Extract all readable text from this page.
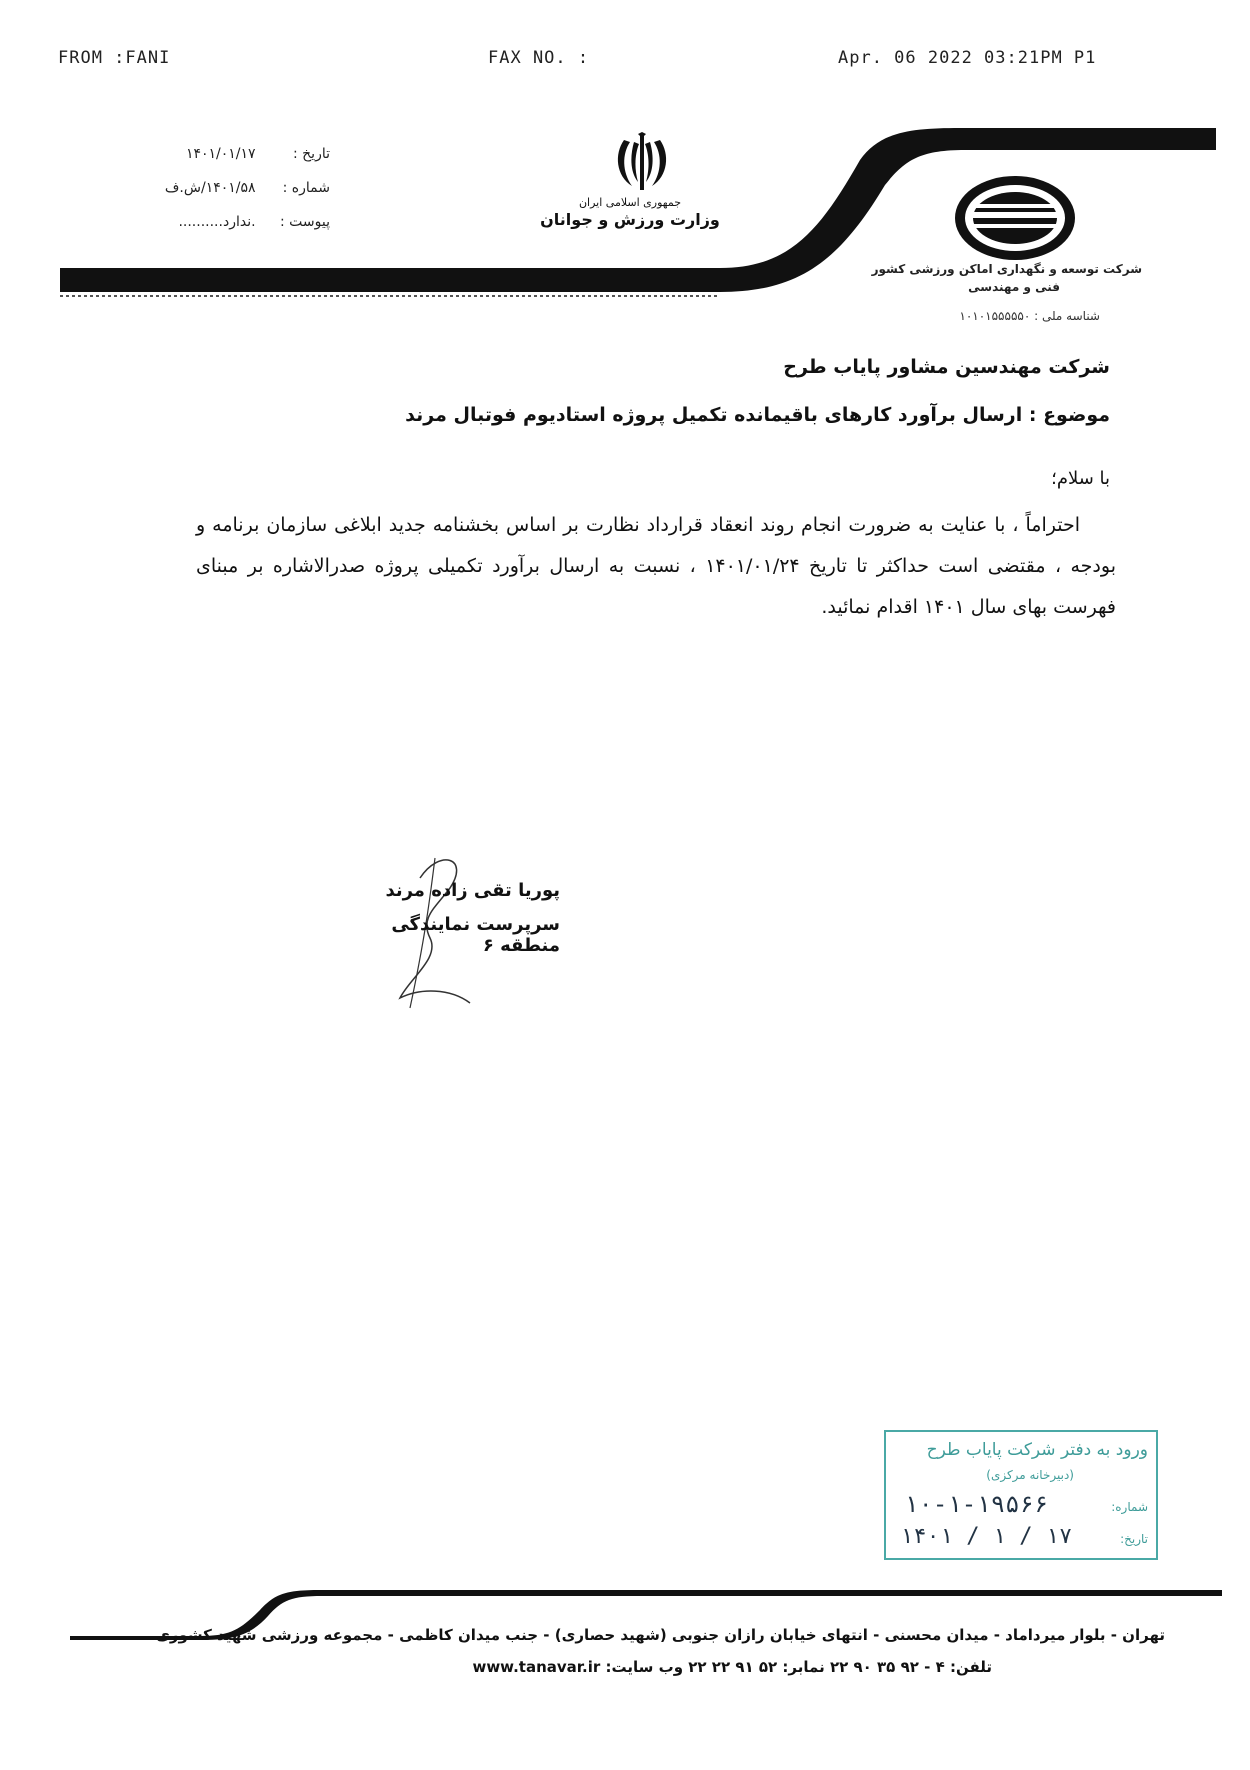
FROM :FANI	FAX NO. :	Apr. 06 2022 03:21PM P1
جمهوری اسلامی ایران
وزارت ورزش و جوانان
شرکت توسعه و نگهداری اماکن ورزشی کشور
فنی و مهندسی
شناسه ملی : ۱۰۱۰۱۵۵۵۵۵۰
تاریخ : ۱۴۰۱/۰۱/۱۷
شماره : ۱۴۰۱/۵۸/ش.ف
پیوست : .ندارد..........
شرکت مهندسین مشاور پایاب طرح
موضوع : ارسال برآورد کارهای باقیمانده تکمیل پروژه استادیوم فوتبال مرند
با سلام؛
احتراماً ، با عنایت به ضرورت انجام روند انعقاد قرارداد نظارت بر اساس بخشنامه جدید ابلاغی سازمان برنامه و بودجه ، مقتضی است حداکثر تا تاریخ ۱۴۰۱/۰۱/۲۴ ، نسبت به ارسال برآورد تکمیلی پروژه صدرالاشاره بر مبنای فهرست بهای سال ۱۴۰۱ اقدام نمائید.
پوریا تقی زاده مرند
سرپرست نمایندگی منطقه ۶
ورود به دفتر شرکت پایاب طرح
(دبیرخانه مرکزی)
شماره:
۱۰-۱-۱۹۵۶۶
تاریخ:
۱۴۰۱ / ۱ / ۱۷
تهران - بلوار میرداماد - میدان محسنی - انتهای خیابان رازان جنوبی (شهید حصاری) - جنب میدان کاظمی - مجموعه ورزشی شهید کشوری
تلفن: ۴ - ۹۲ ۳۵ ۹۰ ۲۲ نمابر: ۵۲ ۹۱ ۲۲ ۲۲ وب سایت: www.tanavar.ir
